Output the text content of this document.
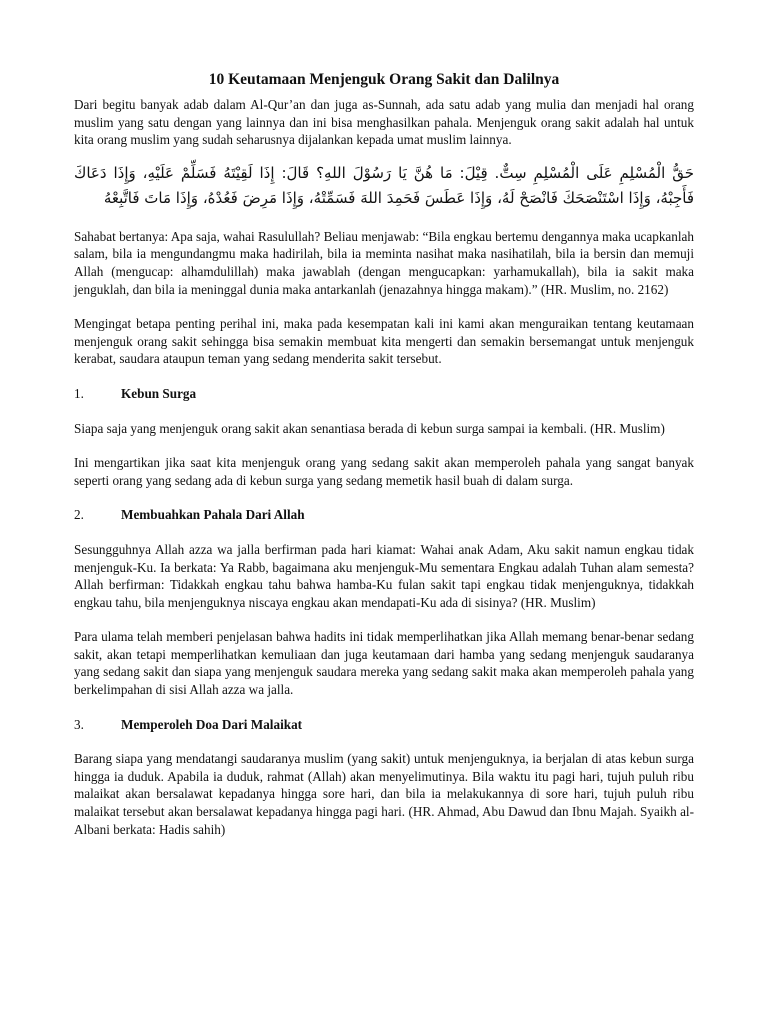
10 Keutamaan Menjenguk Orang Sakit dan Dalilnya

Dari begitu banyak adab dalam Al-Qur’an dan juga as-Sunnah, ada satu adab yang mulia dan menjadi hal orang muslim yang satu dengan yang lainnya dan ini bisa menghasilkan pahala. Menjenguk orang sakit adalah hal untuk kita orang muslim yang sudah seharusnya dijalankan kepada umat muslim lainnya.

حَقُّ الْمُسْلِمِ عَلَى الْمُسْلِمِ سِتٌّ. قِيْلَ: مَا هُنَّ يَا رَسُوْلَ اللهِ؟ قَالَ: إِذَا لَقِيْتَهُ فَسَلِّمْ عَلَيْهِ، وَإِذَا دَعَاكَ فَأَجِبْهُ، وَإِذَا اسْتَنْصَحَكَ فَانْصَحْ لَهُ، وَإِذَا عَطَسَ فَحَمِدَ اللهَ فَسَمِّتْهُ، وَإِذَا مَرِضَ فَعُدْهُ، وَإِذَا مَاتَ فَاتَّبِعْهُ

Sahabat bertanya: Apa saja, wahai Rasulullah? Beliau menjawab: “Bila engkau bertemu dengannya maka ucapkanlah salam, bila ia mengundangmu maka hadirilah, bila ia meminta nasihat maka nasihatilah, bila ia bersin dan memuji Allah (mengucap: alhamdulillah) maka jawablah (dengan mengucapkan: yarhamukallah), bila ia sakit maka jenguklah, dan bila ia meninggal dunia maka antarkanlah (jenazahnya hingga makam).” (HR. Muslim, no. 2162)

Mengingat betapa penting perihal ini, maka pada kesempatan kali ini kami akan menguraikan tentang keutamaan menjenguk orang sakit sehingga bisa semakin membuat kita mengerti dan semakin bersemangat untuk menjenguk kerabat, saudara ataupun teman yang sedang menderita sakit tersebut.

1.	Kebun Surga

Siapa saja yang menjenguk orang sakit akan senantiasa berada di kebun surga sampai ia kembali. (HR. Muslim)

Ini mengartikan jika saat kita menjenguk orang yang sedang sakit akan memperoleh pahala yang sangat banyak seperti orang yang sedang ada di kebun surga yang sedang memetik hasil buah di dalam surga.

2.	Membuahkan Pahala Dari Allah

Sesungguhnya Allah azza wa jalla berfirman pada hari kiamat: Wahai anak Adam, Aku sakit namun engkau tidak menjenguk-Ku. Ia berkata: Ya Rabb, bagaimana aku menjenguk-Mu sementara Engkau adalah Tuhan alam semesta? Allah berfirman: Tidakkah engkau tahu bahwa hamba-Ku fulan sakit tapi engkau tidak menjenguknya, tidakkah engkau tahu, bila menjenguknya niscaya engkau akan mendapati-Ku ada di sisinya? (HR. Muslim)

Para ulama telah memberi penjelasan bahwa hadits ini tidak memperlihatkan jika Allah memang benar-benar sedang sakit, akan tetapi memperlihatkan kemuliaan dan juga keutamaan dari hamba yang sedang menjenguk saudaranya yang sedang sakit dan siapa yang menjenguk saudara mereka yang sedang sakit maka akan memperoleh pahala yang berkelimpahan di sisi Allah azza wa jalla.

3.	Memperoleh Doa Dari Malaikat

Barang siapa yang mendatangi saudaranya muslim (yang sakit) untuk menjenguknya, ia berjalan di atas kebun surga hingga ia duduk. Apabila ia duduk, rahmat (Allah) akan menyelimutinya. Bila waktu itu pagi hari, tujuh puluh ribu malaikat akan bersalawat kepadanya hingga sore hari, dan bila ia melakukannya di sore hari, tujuh puluh ribu malaikat tersebut akan bersalawat kepadanya hingga pagi hari. (HR. Ahmad, Abu Dawud dan Ibnu Majah. Syaikh al-Albani berkata: Hadis sahih)
